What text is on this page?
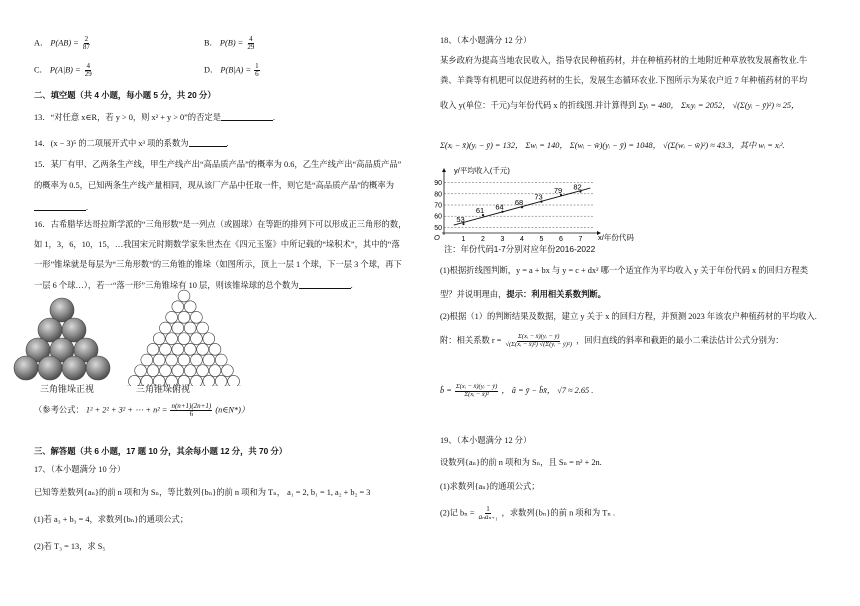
A． $P(AB) = \frac{2}{87}$	B． $P(B) = \frac{4}{29}$
C． $P(A|B) = \frac{4}{29}$	D． $P(B|A) = \frac{1}{6}$
二、填空题（共 4 小题，每小题 5 分，共 20 分）
13．“对任意 x∈R，若 y > 0，则 x² + y > 0”的否定是	.
14．(x − 3)⁵ 的二项展开式中 x³ 项的系数为	.
15．某厂有甲、乙两条生产线，甲生产线产出“高品质产品”的概率为 0.6，乙生产线产出“高品质产品”
的概率为 0.5，已知两条生产线产量相同，现从该厂产品中任取一件，则它是“高品质产品”的概率为
.
16．古希腊毕达哥拉斯学派的“三角形数”是一列点（或圆球）在等距的排列下可以形成正三角形的数，
如 1，3，6，10，15，…我国宋元时期数学家朱世杰在《四元玉鉴》中所记载的“垛积术”，其中的“落
一形”锥垛就是每层为“三角形数”的三角锥的锥垛（如图所示，顶上一层 1 个球，下一层 3 个球，再下
一层 6 个球…），若一“落一形”三角锥垛有 10 层，则该锥垛球的总个数为	.
三角锥垛正视	三角锥垛俯视
（参考公式： 1² + 2² + 3² + ⋯ + $n^2 = \frac{n(n+1)(2n+1)}{6}$ (n∈N*)）
三、解答题（共 6 小题，17 题 10 分，其余每小题 12 分，共 70 分）
17、（本小题满分 10 分）
已知等差数列{aₙ}的前 n 项和为 Sₙ，等比数列{bₙ}的前 n 项和为 Tₙ， a₁ = 2, b₁ = 1, a₂ + b₂ = 3
(1)若 a₃ + b₃ = 4，求数列{bₙ}的通项公式；
(2)若 T₃ = 13，求 S₅
18、（本小题满分 12 分）
某乡政府为提高当地农民收入，指导农民种植药材，并在种植药材的土地附近种草放牧发展畜牧业.牛
粪、羊粪等有机肥可以促进药材的生长，发展生态循环农业.下图所示为某农户近 7 年种植药材的平均
收入 y(单位：千元)与年份代码 x 的折线图.并计算得到 Σyᵢ = 480， Σxᵢyᵢ = 2052， √(Σ(yᵢ − ȳ)²) ≈ 25，
Σ(xᵢ − x̄)(yᵢ − ȳ) = 132， Σwᵢ = 140， Σ(wᵢ − w̄)(yᵢ − ȳ) = 1048， √(Σ(wᵢ − w̄)²) ≈ 43.3，其中 wᵢ = xᵢ².
50
60
70
80
90
1 2 3 4 5 6 7
53
61 64 68
73
79 82
y/平均收入(千元)
x/年份代码
O
注：年份代码1-7分别对应年份2016-2022
(1)根据折线图判断，y = a + bx 与 y = c + dx² 哪一个适宜作为平均收入 y 关于年份代码 x 的回归方程类
型？并说明理由，提示：利用相关系数判断。
(2)根据（1）的判断结果及数据，建立 y 关于 x 的回归方程，并预测 2023 年该农户种植药材的平均收入.
附：相关系数 $r = \frac{\text{Σ(xᵢ − x̄)(yᵢ − ȳ)}}{\text{√(Σ(xᵢ − x̄)²) √(Σ(yᵢ − ȳ)²)}}$ ，回归直线的斜率和截距的最小二乘法估计公式分别为：
b̂ = $\frac{\text{Σ(xᵢ − x̄)(yᵢ − ȳ)}}{\text{Σ(xᵢ − x̄)²}}$ ， â = ȳ − b̂x̄， √7 ≈ 2.65 .
19、（本小题满分 12 分）
设数列{aₙ}的前 n 项和为 Sₙ，且 Sₙ = n² + 2n.
(1)求数列{aₙ}的通项公式；
(2)记 $b_n = \frac{1}{\text{aₙaₙ₊₁}}$ ，求数列{bₙ}的前 n 项和为 Tₙ .
